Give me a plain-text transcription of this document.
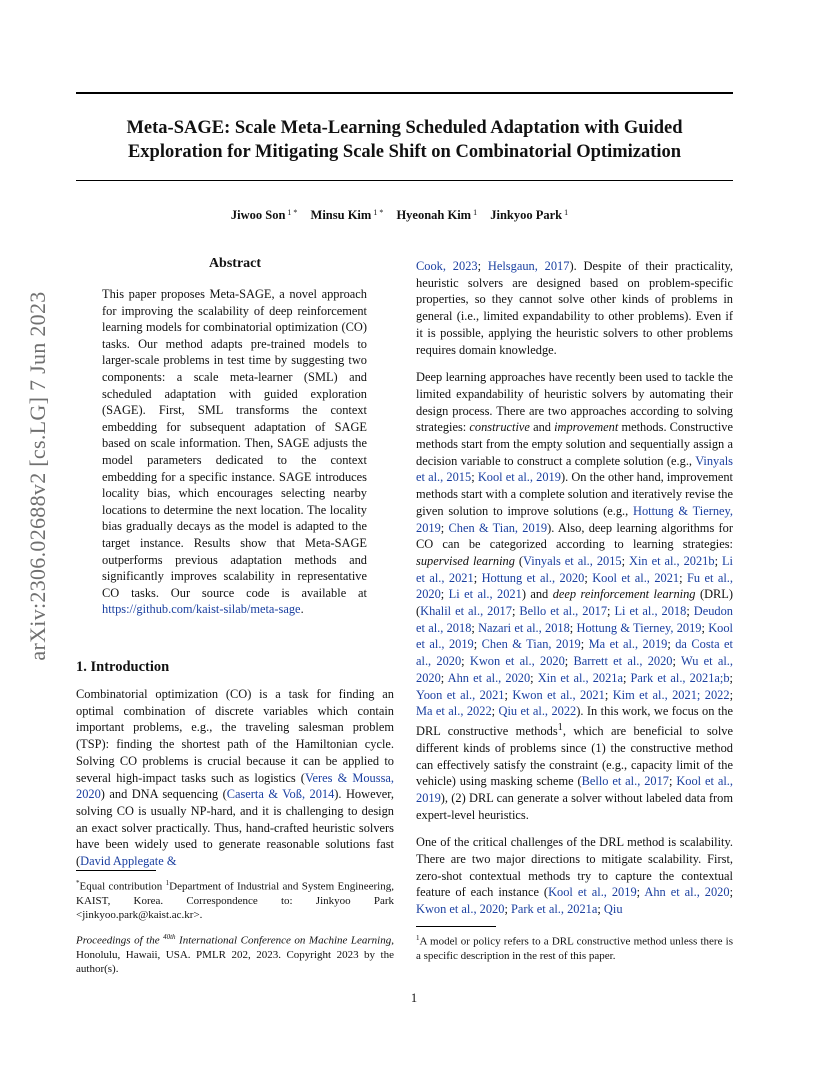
Meta-SAGE: Scale Meta-Learning Scheduled Adaptation with Guided
Exploration for Mitigating Scale Shift on Combinatorial Optimization
Jiwoo Son $^{1 *}$ Minsu Kim $^{1 *}$ Hyeonah Kim $^1$ Jinkyoo Park $^1$
arXiv:2306.02688v2 [cs.LG] 7 Jun 2023
Abstract
This paper proposes Meta-SAGE, a novel approach for improving the scalability of deep reinforcement learning models for combinatorial optimization (CO) tasks. Our method adapts pre-trained models to larger-scale problems in test time by suggesting two components: a scale meta-learner (SML) and scheduled adaptation with guided exploration (SAGE). First, SML transforms the context embedding for subsequent adaptation of SAGE based on scale information. Then, SAGE adjusts the model parameters dedicated to the context embedding for a specific instance. SAGE introduces locality bias, which encourages selecting nearby locations to determine the next location. The locality bias gradually decays as the model is adapted to the target instance. Results show that Meta-SAGE outperforms previous adaptation methods and significantly improves scalability in representative CO tasks. Our source code is available at https://github.com/kaist-silab/meta-sage.
1. Introduction
Combinatorial optimization (CO) is a task for finding an optimal combination of discrete variables which contain important problems, e.g., the traveling salesman problem (TSP): finding the shortest path of the Hamiltonian cycle. Solving CO problems is crucial because it can be applied to several high-impact tasks such as logistics (Veres & Moussa, 2020) and DNA sequencing (Caserta & Voß, 2014). However, solving CO is usually NP-hard, and it is challenging to design an exact solver practically. Thus, hand-crafted heuristic solvers have been widely used to generate reasonable solutions fast (David Applegate &
*Equal contribution $^1$Department of Industrial and System Engineering, KAIST, Korea. Correspondence to: Jinkyoo Park <jinkyoo.park@kaist.ac.kr>.
Proceedings of the $^{40th}$ International Conference on Machine Learning, Honolulu, Hawaii, USA. PMLR 202, 2023. Copyright 2023 by the author(s).

Cook, 2023; Helsgaun, 2017). Despite of their practicality, heuristic solvers are designed based on problem-specific properties, so they cannot solve other kinds of problems in general (i.e., limited expandability to other problems). Even if it is possible, applying the heuristic solvers to other problems requires domain knowledge.

Deep learning approaches have recently been used to tackle the limited expandability of heuristic solvers by automating their design process. There are two approaches according to solving strategies: constructive and improvement methods. Constructive methods start from the empty solution and sequentially assign a decision variable to construct a complete solution (e.g., Vinyals et al., 2015; Kool et al., 2019). On the other hand, improvement methods start with a complete solution and iteratively revise the given solution to improve solutions (e.g., Hottung & Tierney, 2019; Chen & Tian, 2019). Also, deep learning algorithms for CO can be categorized according to learning strategies: supervised learning (Vinyals et al., 2015; Xin et al., 2021b; Li et al., 2021; Hottung et al., 2020; Kool et al., 2021; Fu et al., 2020; Li et al., 2021) and deep reinforcement learning (DRL) (Khalil et al., 2017; Bello et al., 2017; Li et al., 2018; Deudon et al., 2018; Nazari et al., 2018; Hottung & Tierney, 2019; Kool et al., 2019; Chen & Tian, 2019; Ma et al., 2019; da Costa et al., 2020; Kwon et al., 2020; Barrett et al., 2020; Wu et al., 2020; Ahn et al., 2020; Xin et al., 2021a; Park et al., 2021a;b; Yoon et al., 2021; Kwon et al., 2021; Kim et al., 2021; 2022; Ma et al., 2022; Qiu et al., 2022). In this work, we focus on the DRL constructive methods$^1$, which are beneficial to solve different kinds of problems since (1) the constructive method can effectively satisfy the constraint (e.g., capacity limit of the vehicle) using masking scheme (Bello et al., 2017; Kool et al., 2019), (2) DRL can generate a solver without labeled data from expert-level heuristics.

One of the critical challenges of the DRL method is scalability. There are two major directions to mitigate scalability. First, zero-shot contextual methods try to capture the contextual feature of each instance (Kool et al., 2019; Ahn et al., 2020; Kwon et al., 2020; Park et al., 2021a; Qiu

$^1$A model or policy refers to a DRL constructive method unless there is a specific description in the rest of this paper.
1
